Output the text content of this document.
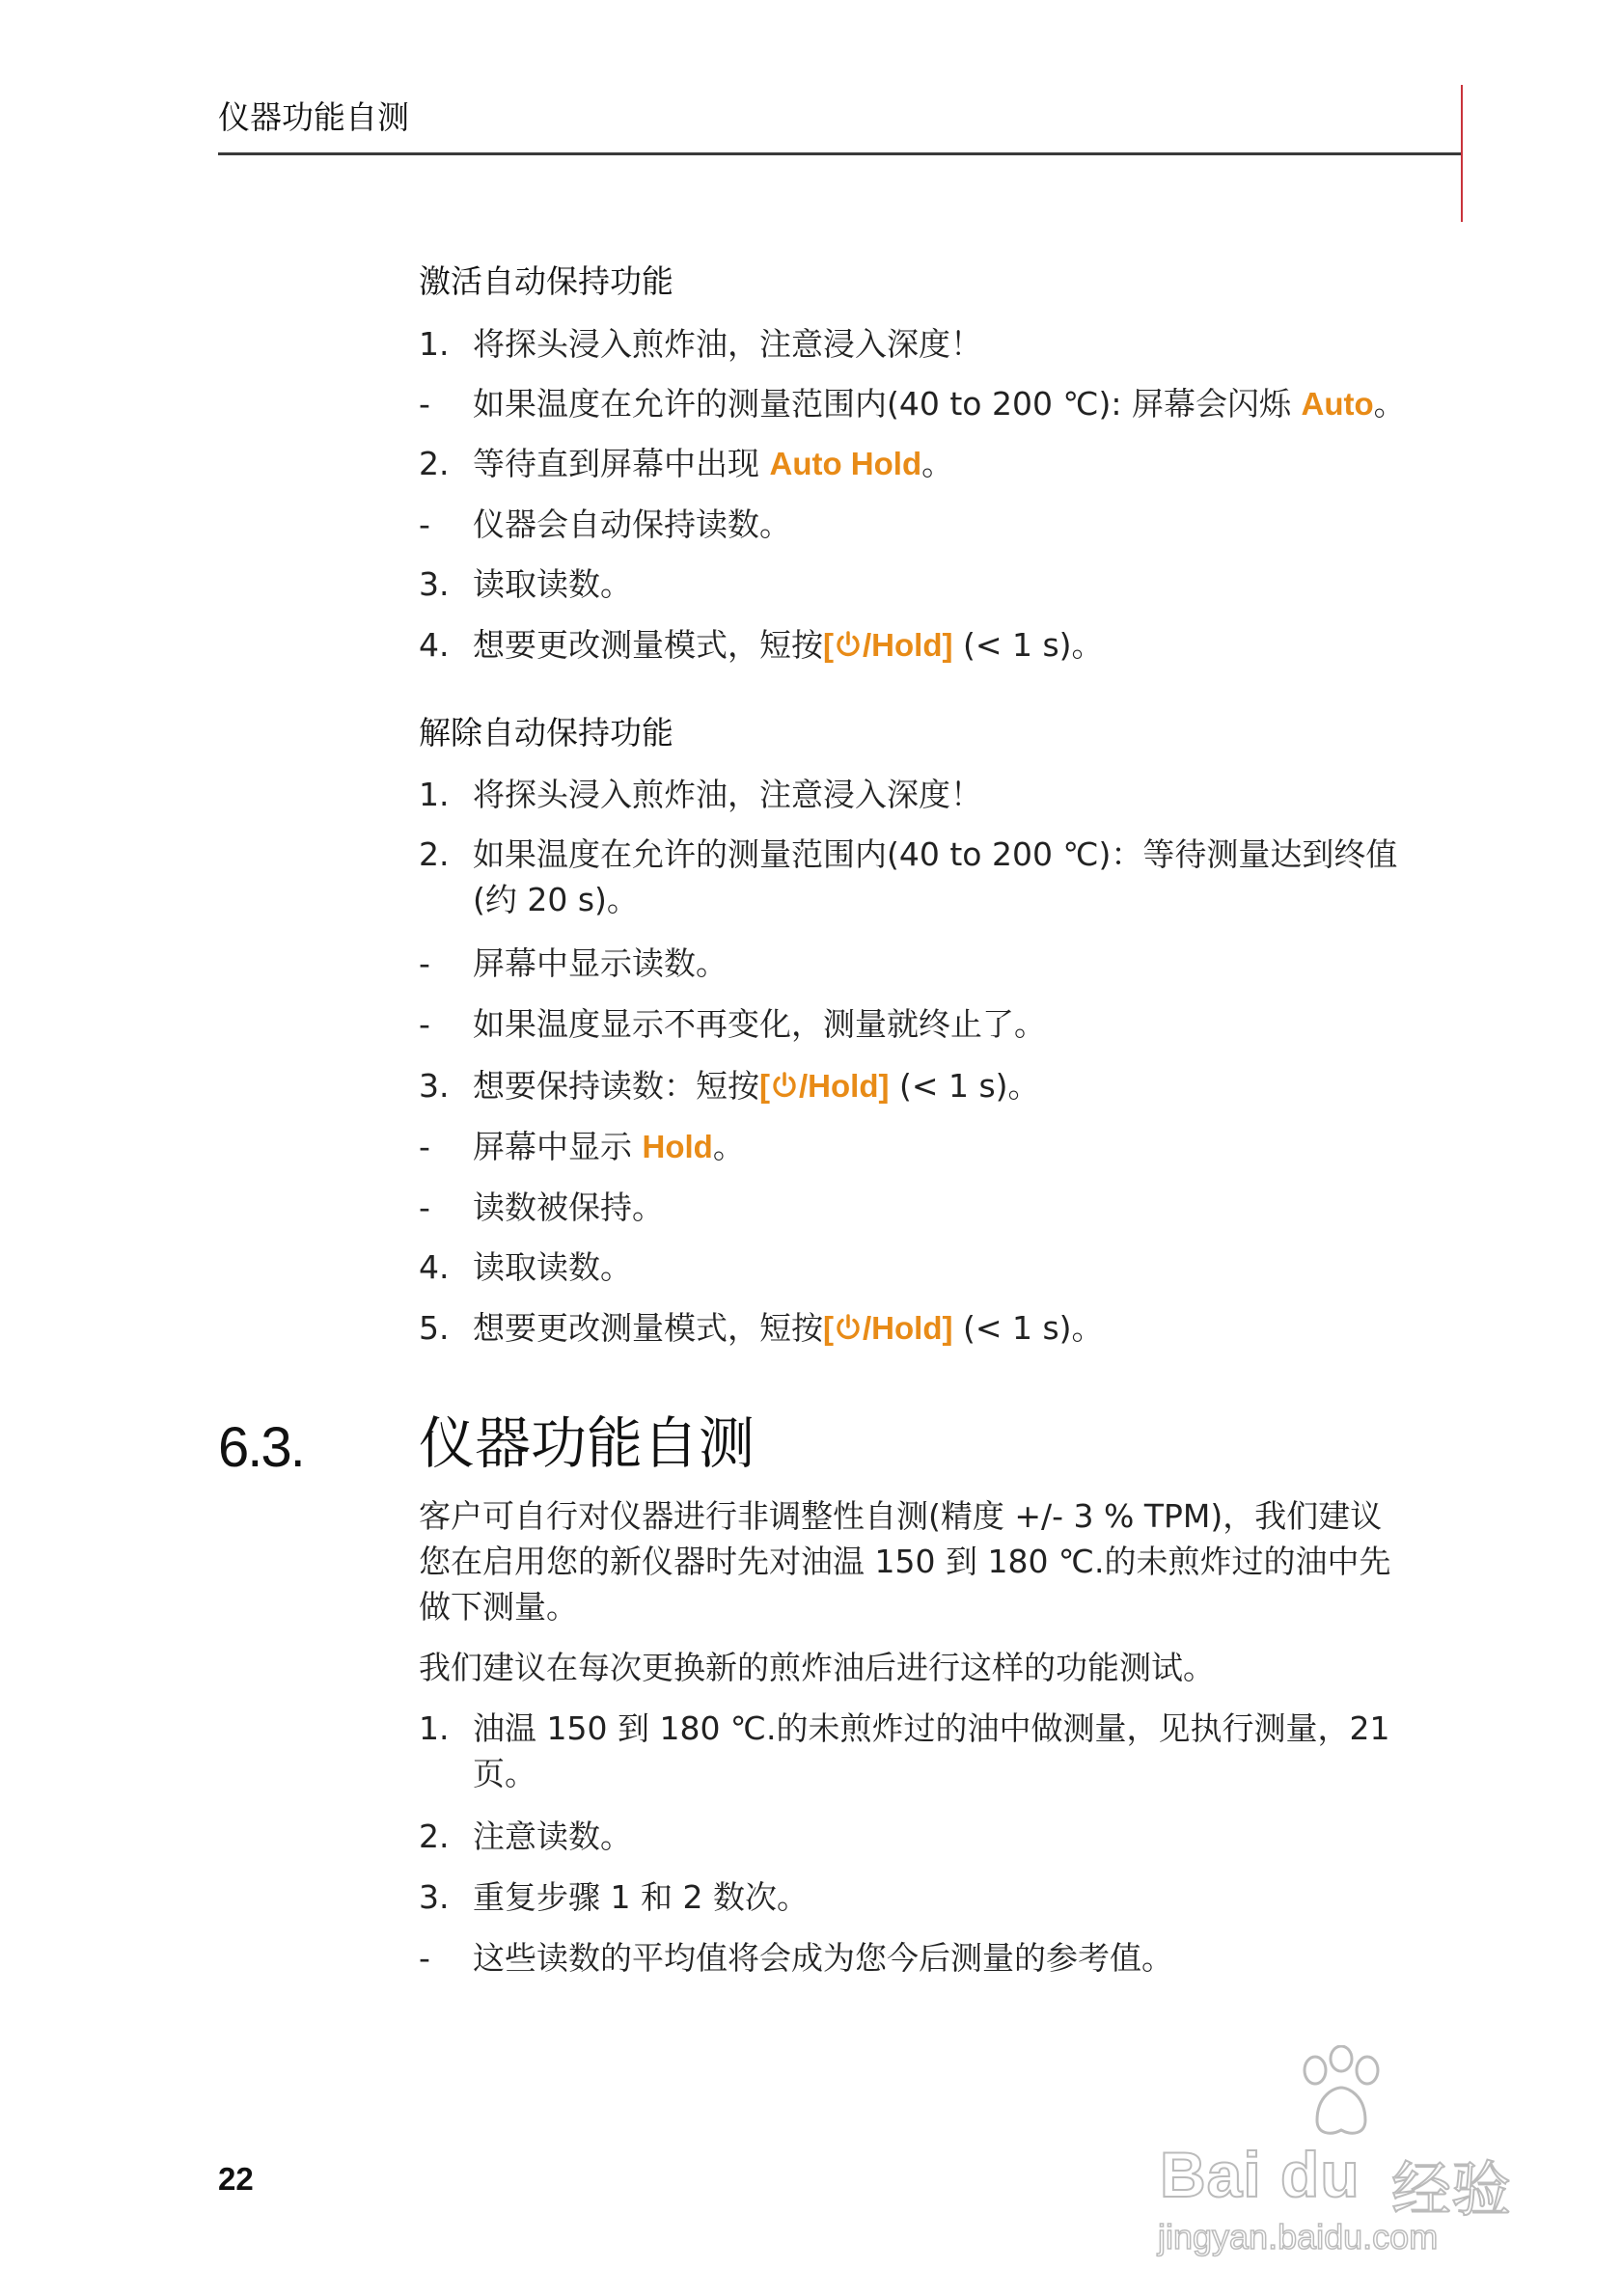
仪器功能自测
激活自动保持功能
1. 将探头浸入煎炸油，注意浸入深度！
-	如果温度在允许的测量范围内(40 to 200 ℃): 屏幕会闪烁 Auto。
2. 等待直到屏幕中出现 Auto Hold。
-	仪器会自动保持读数。
3. 读取读数。
4. 想要更改测量模式，短按[ /Hold] (< 1 s)。
解除自动保持功能
1. 将探头浸入煎炸油，注意浸入深度！
2. 如果温度在允许的测量范围内(40 to 200 ℃)：等待测量达到终值
(约 20 s)。
-	屏幕中显示读数。
-	如果温度显示不再变化，测量就终止了。
3. 想要保持读数：短按[ /Hold] (< 1 s)。
-	屏幕中显示 Hold。
-	读数被保持。
4. 读取读数。
5. 想要更改测量模式，短按[ /Hold] (< 1 s)。
6.3. 仪器功能自测
客户可自行对仪器进行非调整性自测(精度 +/- 3 % TPM)，我们建议
您在启用您的新仪器时先对油温 150 到 180 ℃.的未煎炸过的油中先
做下测量。
我们建议在每次更换新的煎炸油后进行这样的功能测试。
1. 油温 150 到 180 ℃.的未煎炸过的油中做测量，见执行测量，21
页。
2. 注意读数。
3. 重复步骤 1 和 2 数次。
-	这些读数的平均值将会成为您今后测量的参考值。
22	Bai du 经验
jingyan.baidu.com
